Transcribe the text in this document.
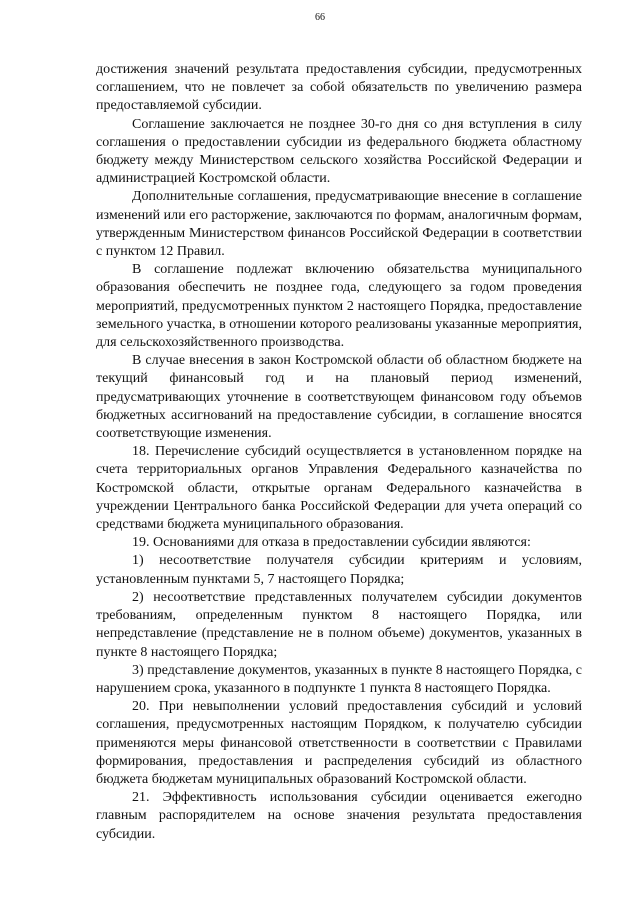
66

достижения значений результата предоставления субсидии, предусмотренных соглашением, что не повлечет за собой обязательств по увеличению размера предоставляемой субсидии.

Соглашение заключается не позднее 30-го дня со дня вступления в силу соглашения о предоставлении субсидии из федерального бюджета областному бюджету между Министерством сельского хозяйства Российской Федерации и администрацией Костромской области.

Дополнительные соглашения, предусматривающие внесение в соглашение изменений или его расторжение, заключаются по формам, аналогичным формам, утвержденным Министерством финансов Российской Федерации в соответствии с пунктом 12 Правил.

В соглашение подлежат включению обязательства муниципального образования обеспечить не позднее года, следующего за годом проведения мероприятий, предусмотренных пунктом 2 настоящего Порядка, предоставление земельного участка, в отношении которого реализованы указанные мероприятия, для сельскохозяйственного производства.

В случае внесения в закон Костромской области об областном бюджете на текущий финансовый год и на плановый период изменений, предусматривающих уточнение в соответствующем финансовом году объемов бюджетных ассигнований на предоставление субсидии, в соглашение вносятся соответствующие изменения.

18. Перечисление субсидий осуществляется в установленном порядке на счета территориальных органов Управления Федерального казначейства по Костромской области, открытые органам Федерального казначейства в учреждении Центрального банка Российской Федерации для учета операций со средствами бюджета муниципального образования.

19. Основаниями для отказа в предоставлении субсидии являются:

1) несоответствие получателя субсидии критериям и условиям, установленным пунктами 5, 7 настоящего Порядка;

2) несоответствие представленных получателем субсидии документов требованиям, определенным пунктом 8 настоящего Порядка, или непредставление (представление не в полном объеме) документов, указанных в пункте 8 настоящего Порядка;

3) представление документов, указанных в пункте 8 настоящего Порядка, с нарушением срока, указанного в подпункте 1 пункта 8 настоящего Порядка.

20. При невыполнении условий предоставления субсидий и условий соглашения, предусмотренных настоящим Порядком, к получателю субсидии применяются меры финансовой ответственности в соответствии с Правилами формирования, предоставления и распределения субсидий из областного бюджета бюджетам муниципальных образований Костромской области.

21. Эффективность использования субсидии оценивается ежегодно главным распорядителем на основе значения результата предоставления субсидии.
